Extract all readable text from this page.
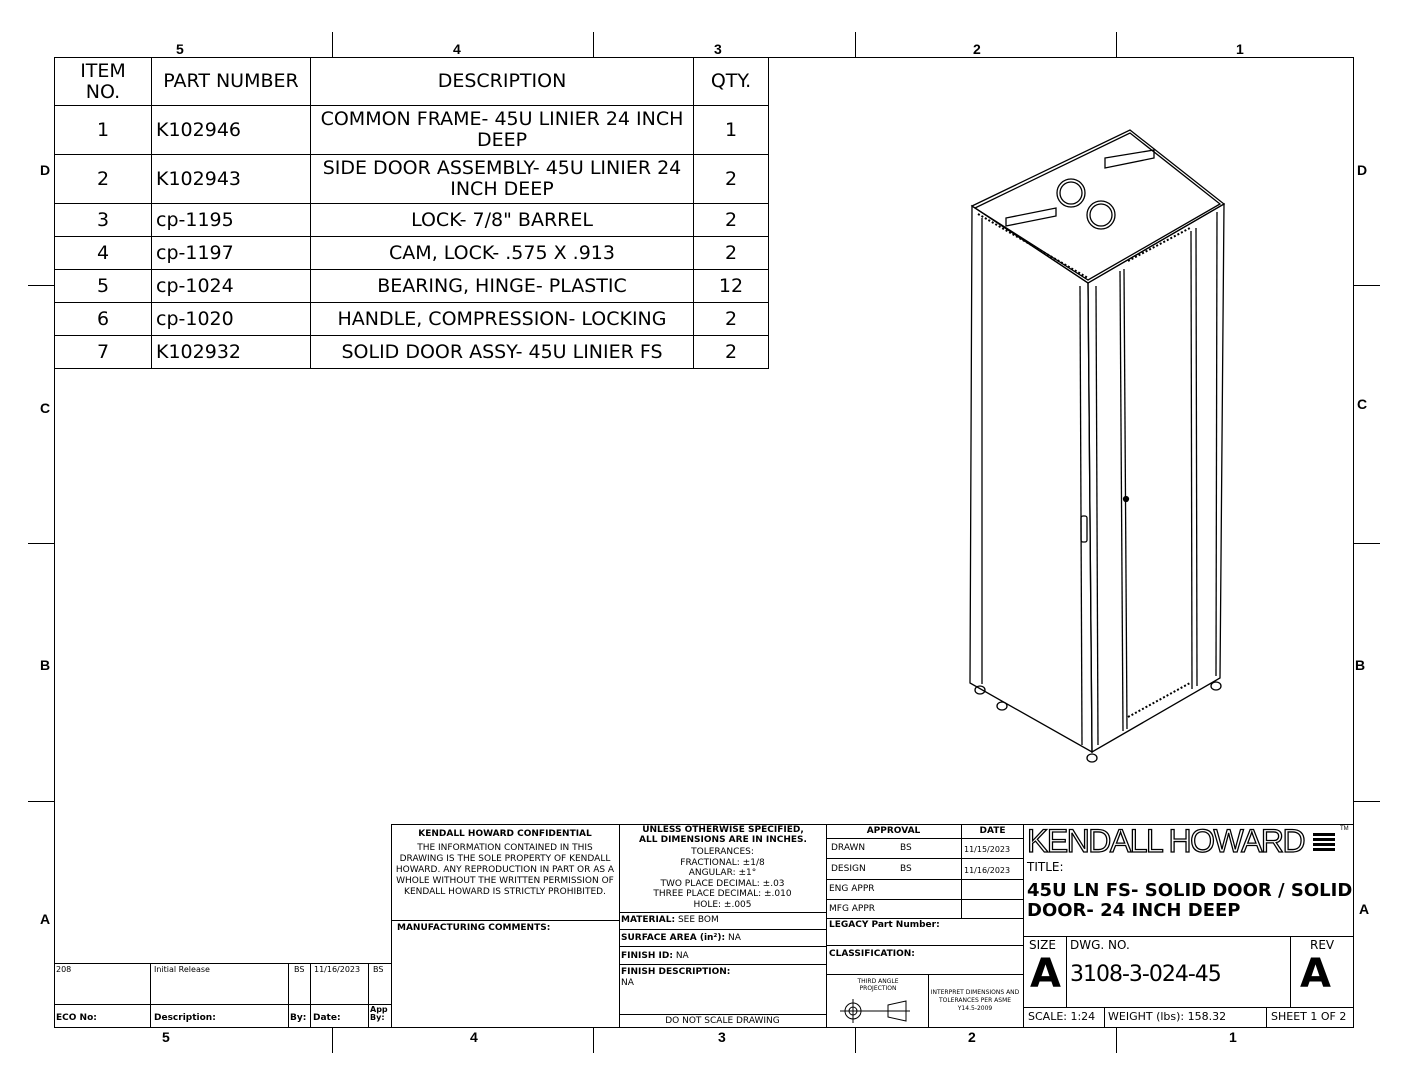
5	4	3	2	1
5	4	3	2	1
D
C
B
A
D
C
B
A
ITEM NO.	PART NUMBER	DESCRIPTION	QTY.
1	K102946	COMMON FRAME- 45U LINIER 24 INCH DEEP	1
2	K102943	SIDE DOOR ASSEMBLY- 45U LINIER 24 INCH DEEP	2
3	cp-1195	LOCK- 7/8" BARREL	2
4	cp-1197	CAM, LOCK- .575 X .913	2
5	cp-1024	BEARING, HINGE- PLASTIC	12
6	cp-1020	HANDLE, COMPRESSION- LOCKING	2
7	K102932	SOLID DOOR ASSY- 45U LINIER FS	2
KENDALL HOWARD CONFIDENTIAL
THE INFORMATION CONTAINED IN THIS DRAWING IS THE SOLE PROPERTY OF KENDALL HOWARD. ANY REPRODUCTION IN PART OR AS A WHOLE WITHOUT THE WRITTEN PERMISSION OF KENDALL HOWARD IS STRICTLY PROHIBITED.
MANUFACTURING COMMENTS:
UNLESS OTHERWISE SPECIFIED, ALL DIMENSIONS ARE IN INCHES.
TOLERANCES:
FRACTIONAL: ±1/8
ANGULAR: ±1°
TWO PLACE DECIMAL: ±.03
THREE PLACE DECIMAL: ±.010
HOLE: ±.005
MATERIAL: SEE BOM
SURFACE AREA (in²): NA
FINISH ID: NA
FINISH DESCRIPTION:
NA
DO NOT SCALE DRAWING
APPROVAL	DATE
DRAWN	BS	11/15/2023
DESIGN	BS	11/16/2023
ENG APPR
MFG APPR
LEGACY Part Number:
CLASSIFICATION:
THIRD ANGLE PROJECTION
INTERPRET DIMENSIONS AND TOLERANCES PER ASME Y14.5-2009
KENDALL HOWARD	TM
TITLE:
45U LN FS- SOLID DOOR / SOLID
DOOR- 24 INCH DEEP
SIZE
A
DWG. NO.
3108-3-024-45
REV
A
SCALE: 1:24 WEIGHT (lbs): 158.32	SHEET 1 OF 2
208	Initial Release	BS 11/16/2023 BS
ECO No:	Description:	By: Date:
App By:
